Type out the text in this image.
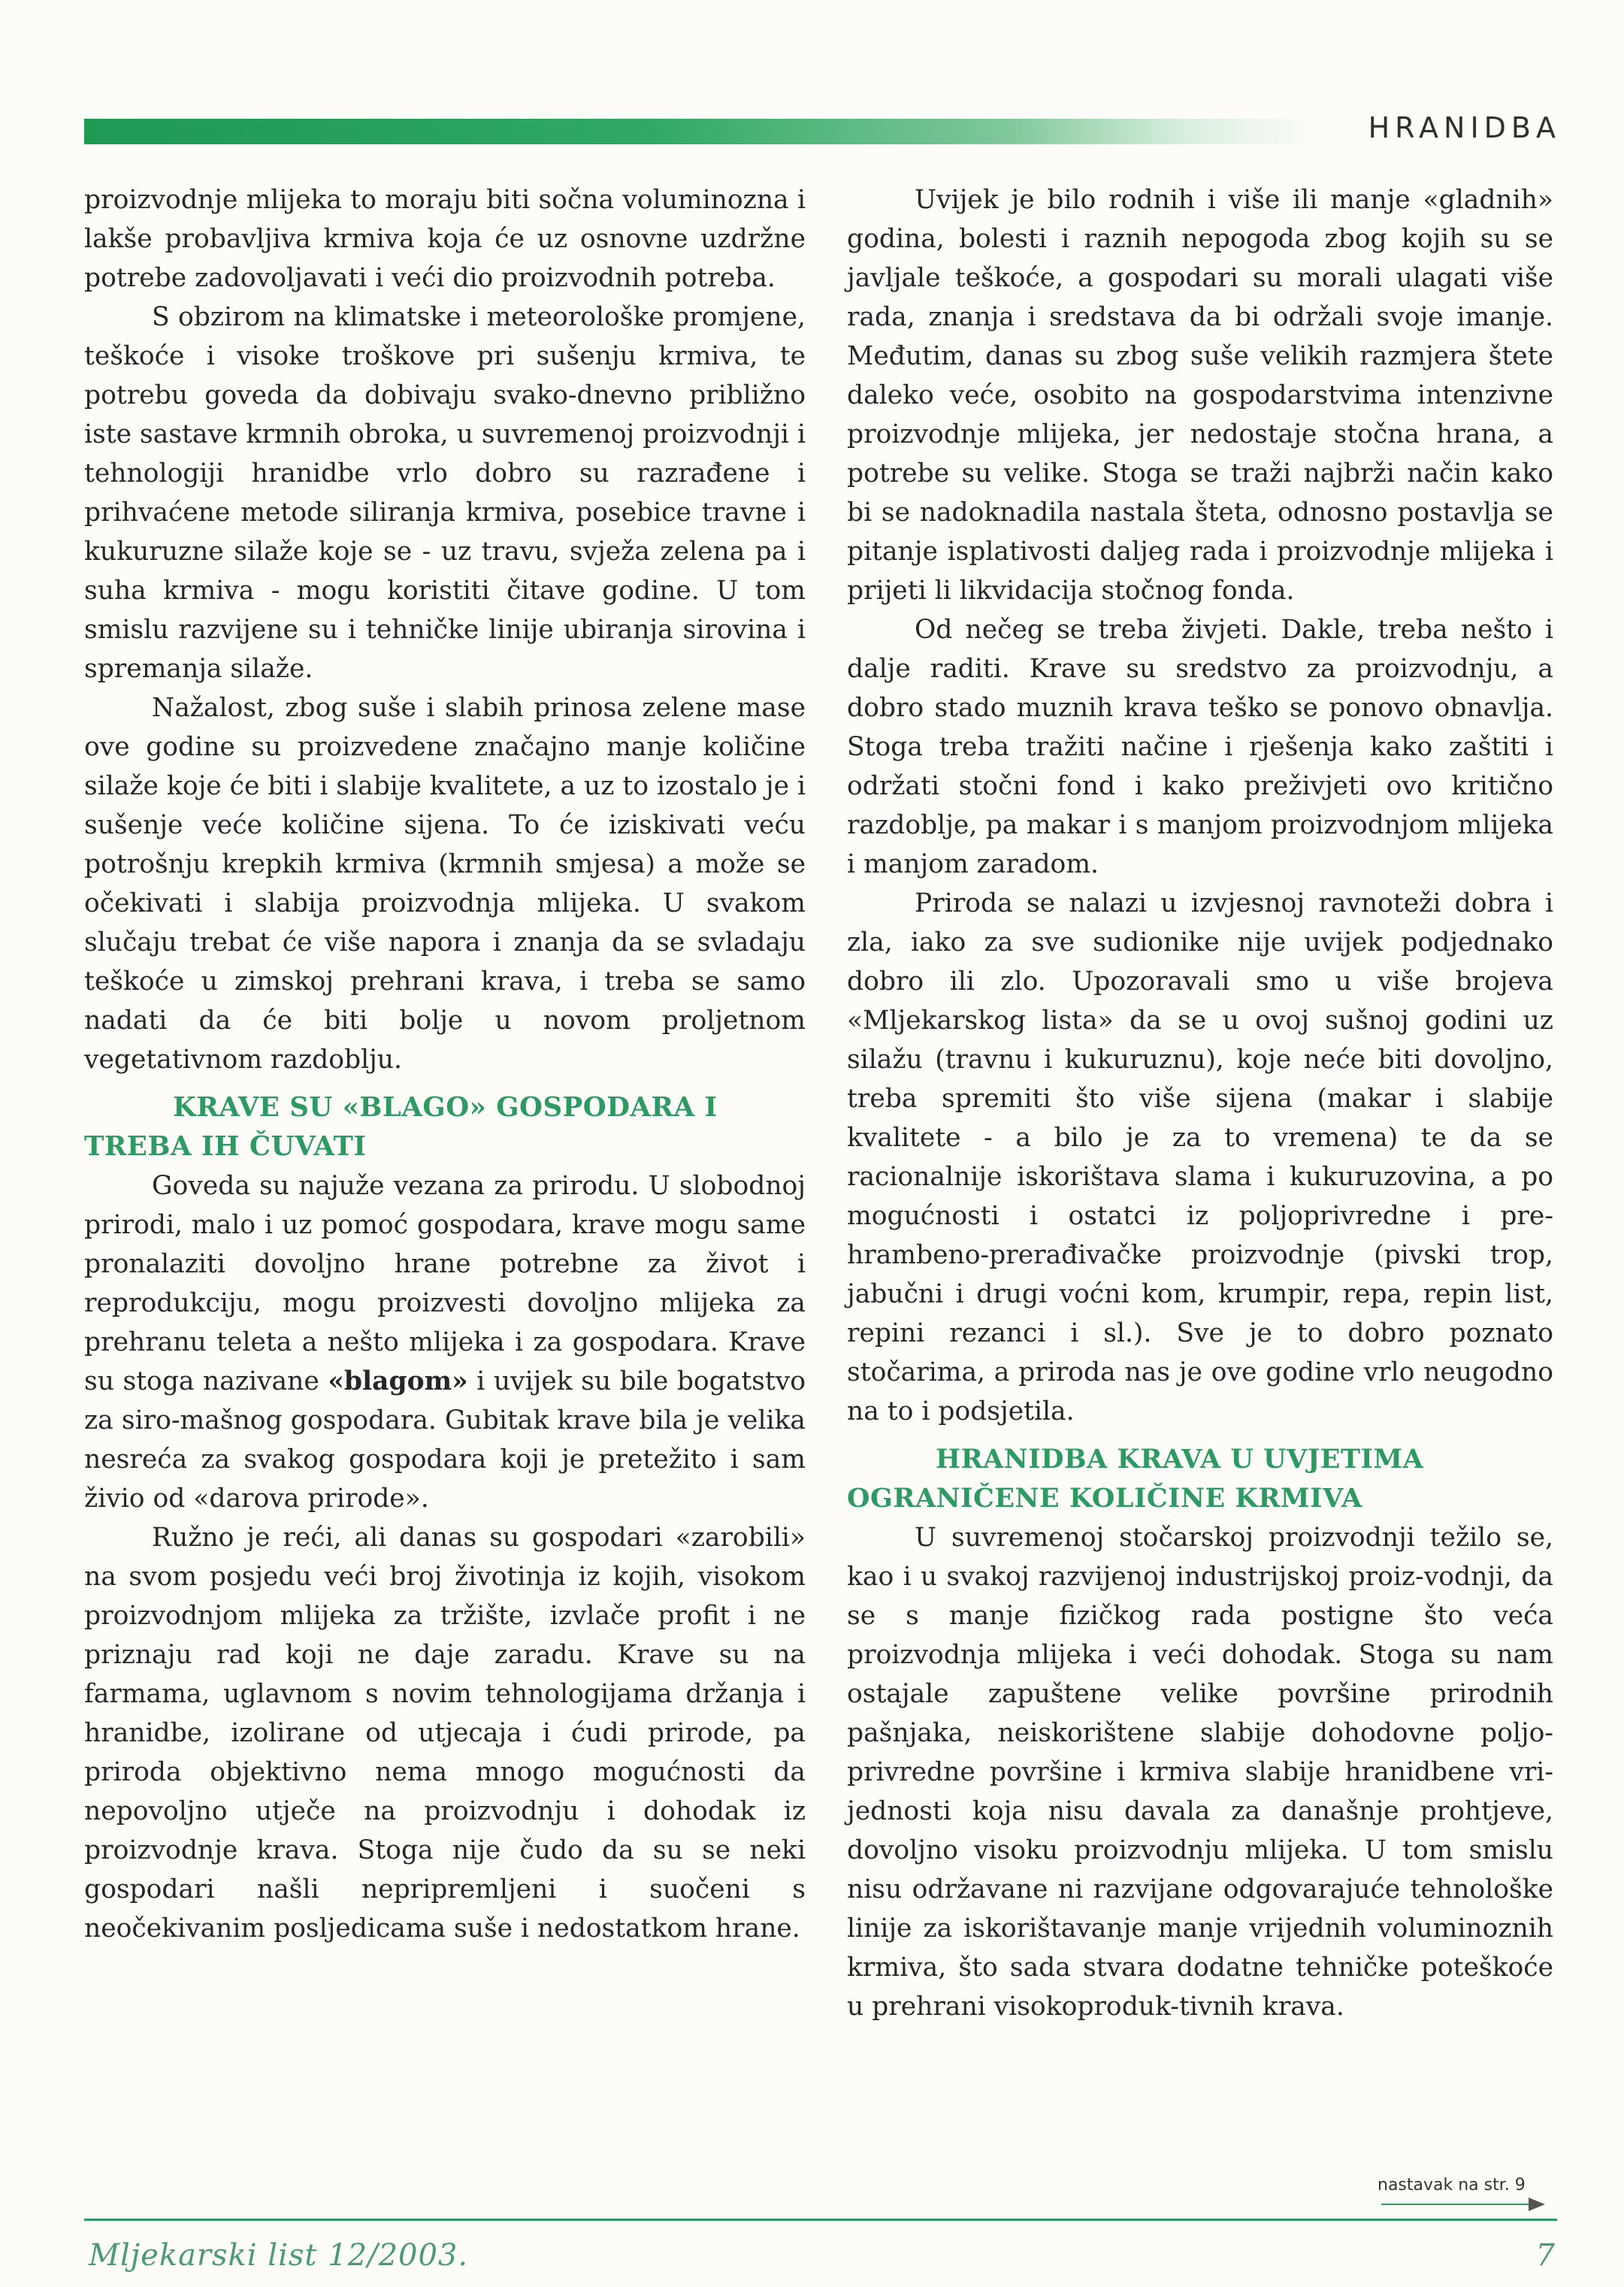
HRANIDBA

proizvodnje mlijeka to moraju biti sočna voluminozna i lakše probavljiva krmiva koja će uz osnovne uzdržne potrebe zadovoljavati i veći dio proizvodnih potreba.

S obzirom na klimatske i meteorološke promjene, teškoće i visoke troškove pri sušenju krmiva, te potrebu goveda da dobivaju svako-dnevno približno iste sastave krmnih obroka, u suvremenoj proizvodnji i tehnologiji hranidbe vrlo dobro su razrađene i prihvaćene metode siliranja krmiva, posebice travne i kukuruzne silaže koje se - uz travu, svježa zelena pa i suha krmiva - mogu koristiti čitave godine. U tom smislu razvijene su i tehničke linije ubiranja sirovina i spremanja silaže.

Nažalost, zbog suše i slabih prinosa zelene mase ove godine su proizvedene značajno manje količine silaže koje će biti i slabije kvalitete, a uz to izostalo je i sušenje veće količine sijena. To će iziskivati veću potrošnju krepkih krmiva (krmnih smjesa) a može se očekivati i slabija proizvodnja mlijeka. U svakom slučaju trebat će više napora i znanja da se svladaju teškoće u zimskoj prehrani krava, i treba se samo nadati da će biti bolje u novom proljetnom vegetativnom razdoblju.

KRAVE SU «BLAGO» GOSPODARA I
TREBA IH ČUVATI

Goveda su najuže vezana za prirodu. U slobodnoj prirodi, malo i uz pomoć gospodara, krave mogu same pronalaziti dovoljno hrane potrebne za život i reprodukciju, mogu proizvesti dovoljno mlijeka za prehranu teleta a nešto mlijeka i za gospodara. Krave su stoga nazivane «blagom» i uvijek su bile bogatstvo za siro-mašnog gospodara. Gubitak krave bila je velika nesreća za svakog gospodara koji je pretežito i sam živio od «darova prirode».

Ružno je reći, ali danas su gospodari «zarobili» na svom posjedu veći broj životinja iz kojih, visokom proizvodnjom mlijeka za tržište, izvlače profit i ne priznaju rad koji ne daje zaradu. Krave su na farmama, uglavnom s novim tehnologijama držanja i hranidbe, izolirane od utjecaja i ćudi prirode, pa priroda objektivno nema mnogo mogućnosti da nepovoljno utječe na proizvodnju i dohodak iz proizvodnje krava. Stoga nije čudo da su se neki gospodari našli nepripremljeni i suočeni s neočekivanim posljedicama suše i nedostatkom hrane.

Uvijek je bilo rodnih i više ili manje «gladnih» godina, bolesti i raznih nepogoda zbog kojih su se javljale teškoće, a gospodari su morali ulagati više rada, znanja i sredstava da bi održali svoje imanje. Međutim, danas su zbog suše velikih razmjera štete daleko veće, osobito na gospodarstvima intenzivne proizvodnje mlijeka, jer nedostaje stočna hrana, a potrebe su velike. Stoga se traži najbrži način kako bi se nadoknadila nastala šteta, odnosno postavlja se pitanje isplativosti daljeg rada i proizvodnje mlijeka i prijeti li likvidacija stočnog fonda.

Od nečeg se treba živjeti. Dakle, treba nešto i dalje raditi. Krave su sredstvo za proizvodnju, a dobro stado muznih krava teško se ponovo obnavlja. Stoga treba tražiti načine i rješenja kako zaštiti i održati stočni fond i kako preživjeti ovo kritično razdoblje, pa makar i s manjom proizvodnjom mlijeka i manjom zaradom.

Priroda se nalazi u izvjesnoj ravnoteži dobra i zla, iako za sve sudionike nije uvijek podjednako dobro ili zlo. Upozoravali smo u više brojeva «Mljekarskog lista» da se u ovoj sušnoj godini uz silažu (travnu i kukuruznu), koje neće biti dovoljno, treba spremiti što više sijena (makar i slabije kvalitete - a bilo je za to vremena) te da se racionalnije iskorištava slama i kukuruzovina, a po mogućnosti i ostatci iz poljoprivredne i pre-hrambeno-prerađivačke proizvodnje (pivski trop, jabučni i drugi voćni kom, krumpir, repa, repin list, repini rezanci i sl.). Sve je to dobro poznato stočarima, a priroda nas je ove godine vrlo neugodno na to i podsjetila.

HRANIDBA KRAVA U UVJETIMA
OGRANIČENE KOLIČINE KRMIVA

U suvremenoj stočarskoj proizvodnji težilo se, kao i u svakoj razvijenoj industrijskoj proiz-vodnji, da se s manje fizičkog rada postigne što veća proizvodnja mlijeka i veći dohodak. Stoga su nam ostajale zapuštene velike površine prirodnih pašnjaka, neiskorištene slabije dohodovne poljo-privredne površine i krmiva slabije hranidbene vri-jednosti koja nisu davala za današnje prohtjeve, dovoljno visoku proizvodnju mlijeka. U tom smislu nisu održavane ni razvijane odgovarajuće tehnološke linije za iskorištavanje manje vrijednih voluminoznih krmiva, što sada stvara dodatne tehničke poteškoće u prehrani visokoproduk-tivnih krava.

nastavak na str. 9
Mljekarski list 12/2003.	7
